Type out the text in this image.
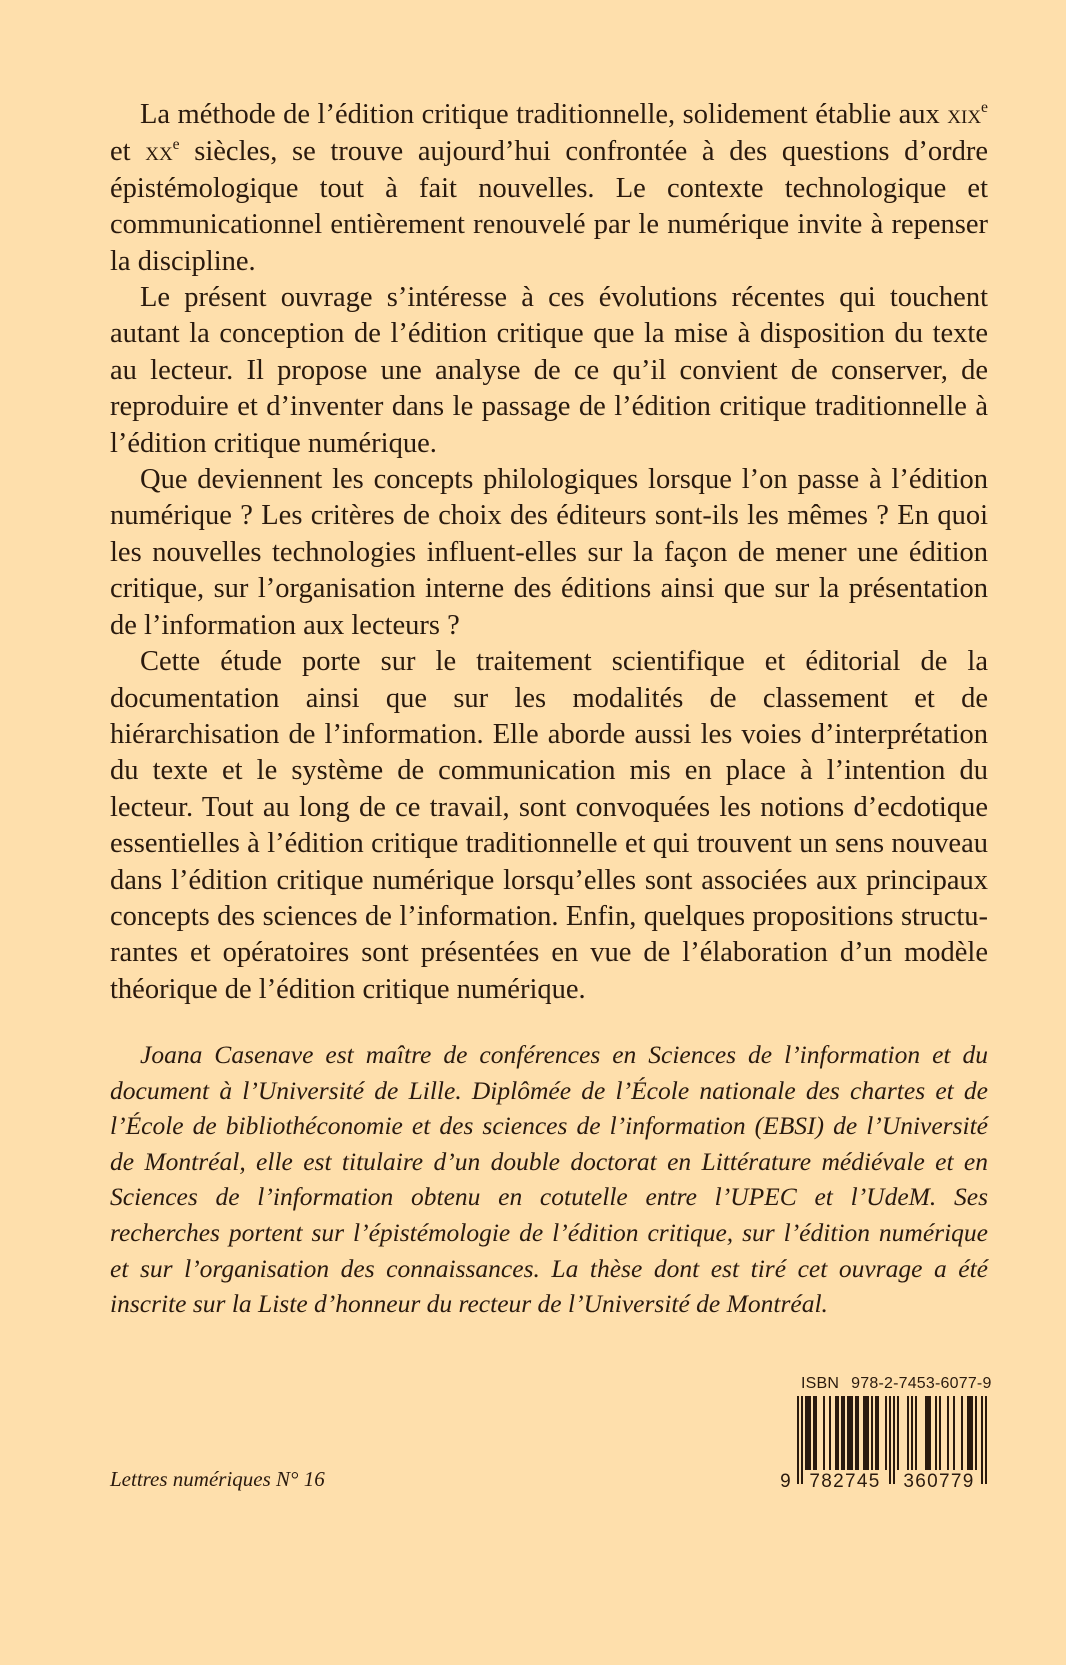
La méthode de l’édition critique traditionnelle, solidement établie aux xix$^e$ et $xx^e$ siècles, se trouve aujourd’hui confrontée à des questions d’ordre épistémologique tout à fait nouvelles. Le contexte technologique et communicationnel entièrement renouvelé par le numérique invite à repenser la discipline.

Le présent ouvrage s’intéresse à ces évolutions récentes qui touchent autant la conception de l’édition critique que la mise à disposition du texte au lecteur. Il propose une analyse de ce qu’il convient de conserver, de reproduire et d’inventer dans le passage de l’édition critique traditionnelle à l’édition critique numérique.

Que deviennent les concepts philologiques lorsque l’on passe à l’édition numérique ? Les critères de choix des éditeurs sont-ils les mêmes ? En quoi les nouvelles technologies influent-elles sur la façon de mener une édition critique, sur l’organisation interne des éditions ainsi que sur la présentation de l’information aux lecteurs ?

Cette étude porte sur le traitement scientifique et éditorial de la documentation ainsi que sur les modalités de classement et de hiérarchisation de l’information. Elle aborde aussi les voies d’interprétation du texte et le système de communication mis en place à l’intention du lecteur. Tout au long de ce travail, sont convoquées les notions d’ecdotique essentielles à l’édition critique traditionnelle et qui trouvent un sens nouveau dans l’édition critique numérique lorsqu’elles sont associées aux principaux concepts des sciences de l’information. Enfin, quelques propositions structu-rantes et opératoires sont présentées en vue de l’élaboration d’un modèle théorique de l’édition critique numérique.

Joana Casenave est maître de conférences en Sciences de l’information et du document à l’Université de Lille. Diplômée de l’École nationale des chartes et de l’École de bibliothéconomie et des sciences de l’information (EBSI) de l’Université de Montréal, elle est titulaire d’un double doctorat en Littérature médiévale et en Sciences de l’information obtenu en cotutelle entre l’UPEC et l’UdeM. Ses recherches portent sur l’épistémologie de l’édition critique, sur l’édition numérique et sur l’organisation des connaissances. La thèse dont est tiré cet ouvrage a été inscrite sur la Liste d’honneur du recteur de l’Université de Montréal.

Lettres numériques N° 16
ISBN 978-2-7453-6077-9
9 782745 360779
